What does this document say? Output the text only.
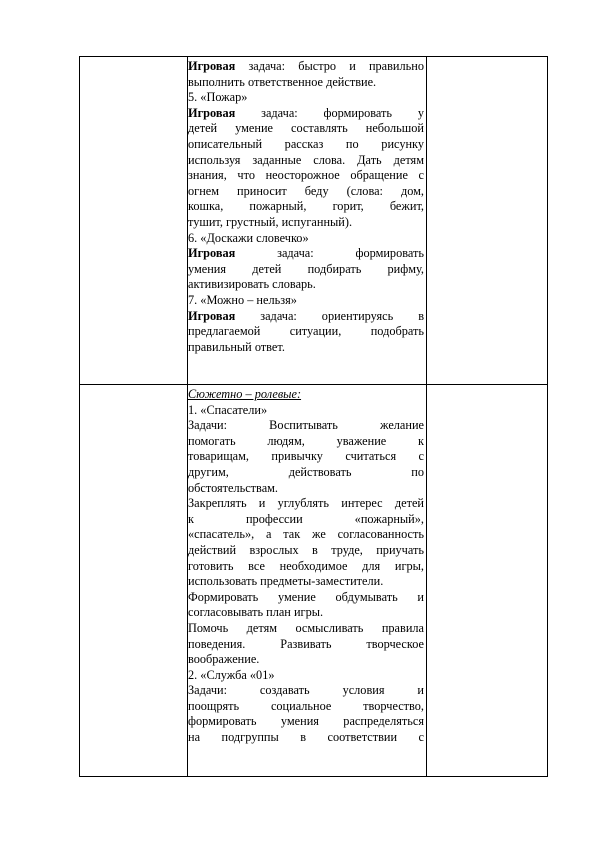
Игровая задача: быстро и правильно

выполнить ответственное действие.

5. «Пожар»

Игровая задача: формировать у

детей умение составлять небольшой

описательный рассказ по рисунку

используя заданные слова. Дать детям

знания, что неосторожное обращение с

огнем приносит беду (слова: дом,

кошка, пожарный, горит, бежит,

тушит, грустный, испуганный).

6. «Доскажи словечко»

Игровая задача: формировать

умения детей подбирать рифму,

активизировать словарь.

7. «Можно – нельзя»

Игровая задача: ориентируясь в

предлагаемой ситуации, подобрать

правильный ответ.

Сюжетно – ролевые:

1. «Спасатели»

Задачи: Воспитывать желание

помогать людям, уважение к

товарищам, привычку считаться с

другим, действовать по

обстоятельствам.

Закреплять и углублять интерес детей

к профессии «пожарный»,

«спасатель», а так же согласованность

действий взрослых в труде, приучать

готовить все необходимое для игры,

использовать предметы-заместители.

Формировать умение обдумывать и

согласовывать план игры.

Помочь детям осмысливать правила

поведения. Развивать творческое

воображение.

2. «Служба «01»

Задачи: создавать условия и

поощрять социальное творчество,

формировать умения распределяться

на подгруппы в соответствии с
